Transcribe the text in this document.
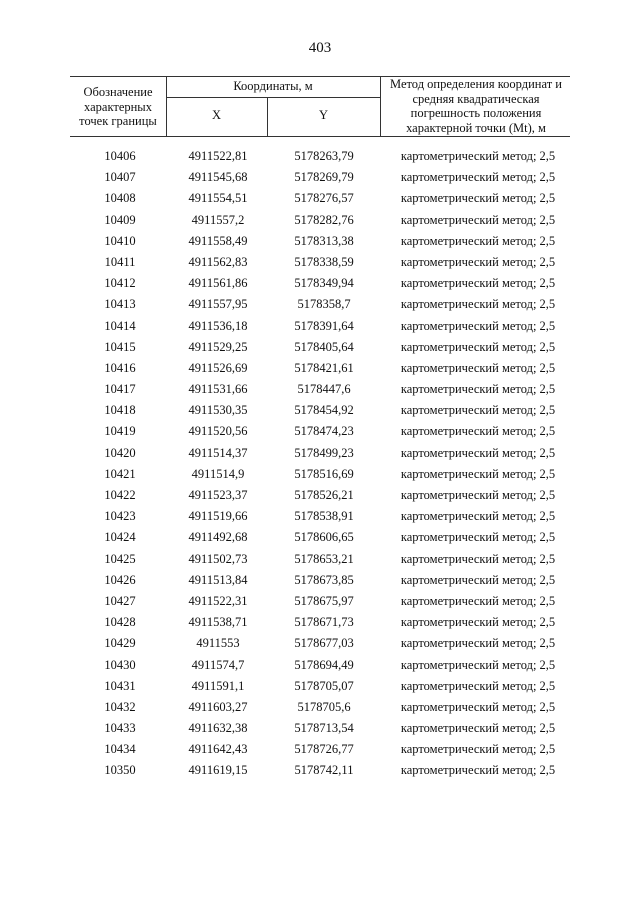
403
Обозначение характерных точек границы
Координаты, м
X	Y
Метод определения координат и средняя квадратическая погрешность положения характерной точки (Mt), м
10406	4911522,81	5178263,79	картометрический метод; 2,5
10407	4911545,68	5178269,79	картометрический метод; 2,5
10408	4911554,51	5178276,57	картометрический метод; 2,5
10409	4911557,2	5178282,76	картометрический метод; 2,5
10410	4911558,49	5178313,38	картометрический метод; 2,5
10411	4911562,83	5178338,59	картометрический метод; 2,5
10412	4911561,86	5178349,94	картометрический метод; 2,5
10413	4911557,95	5178358,7	картометрический метод; 2,5
10414	4911536,18	5178391,64	картометрический метод; 2,5
10415	4911529,25	5178405,64	картометрический метод; 2,5
10416	4911526,69	5178421,61	картометрический метод; 2,5
10417	4911531,66	5178447,6	картометрический метод; 2,5
10418	4911530,35	5178454,92	картометрический метод; 2,5
10419	4911520,56	5178474,23	картометрический метод; 2,5
10420	4911514,37	5178499,23	картометрический метод; 2,5
10421	4911514,9	5178516,69	картометрический метод; 2,5
10422	4911523,37	5178526,21	картометрический метод; 2,5
10423	4911519,66	5178538,91	картометрический метод; 2,5
10424	4911492,68	5178606,65	картометрический метод; 2,5
10425	4911502,73	5178653,21	картометрический метод; 2,5
10426	4911513,84	5178673,85	картометрический метод; 2,5
10427	4911522,31	5178675,97	картометрический метод; 2,5
10428	4911538,71	5178671,73	картометрический метод; 2,5
10429	4911553	5178677,03	картометрический метод; 2,5
10430	4911574,7	5178694,49	картометрический метод; 2,5
10431	4911591,1	5178705,07	картометрический метод; 2,5
10432	4911603,27	5178705,6	картометрический метод; 2,5
10433	4911632,38	5178713,54	картометрический метод; 2,5
10434	4911642,43	5178726,77	картометрический метод; 2,5
10350	4911619,15	5178742,11	картометрический метод; 2,5
